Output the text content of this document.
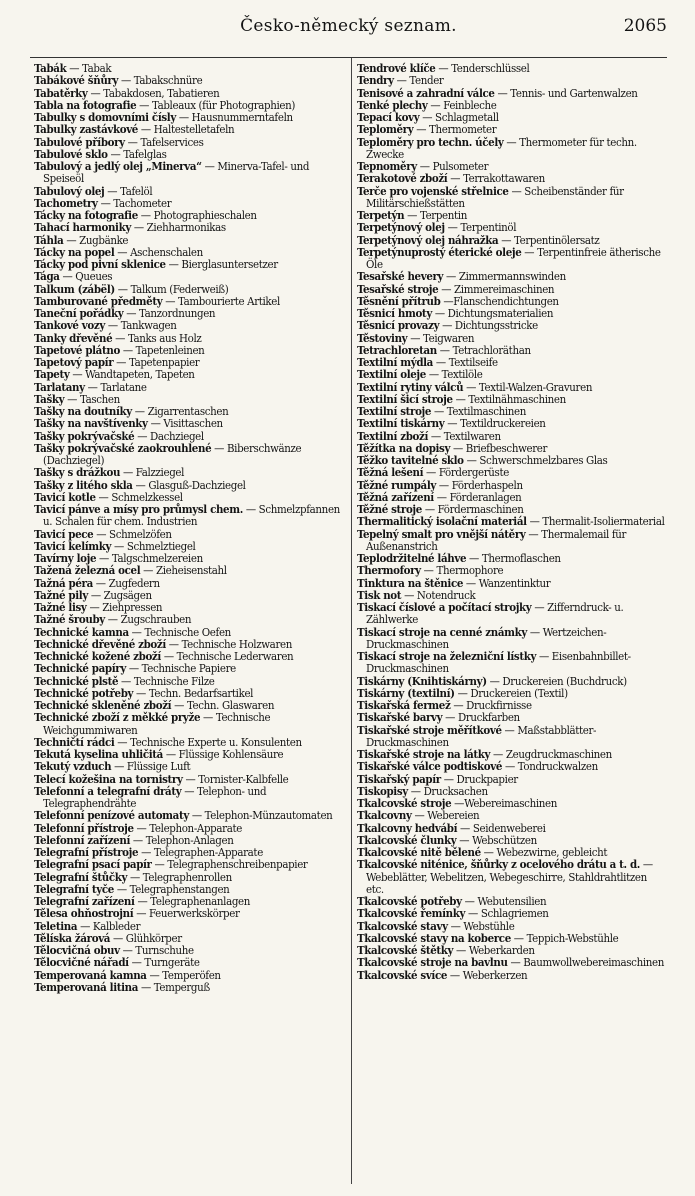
Česko-německý seznam.	2065
Tabák — Tabak
Tabákové šňůry — Tabakschnüre
Tabatěrky — Tabakdosen, Tabatieren
Tabla na fotografie — Tableaux (für Photographien)
Tabulky s domovními čísly — Hausnummerntafeln
Tabulky zastávkové — Haltestelletafeln
Tabulové příbory — Tafelservices
Tabulové sklo — Tafelglas
Tabulový a jedlý olej „Minerva“ — Minerva-Tafel- und Speiseöl
Tabulový olej — Tafelöl
Tachometry — Tachometer
Tácky na fotografie — Photographieschalen
Tahací harmoniky — Ziehharmonikas
Táhla — Zugbänke
Tácky na popel — Aschenschalen
Tácky pod pivní sklenice — Bierglasuntersetzer
Tága — Queues
Talkum (zábël) — Talkum (Federweiß)
Tamburované předměty — Tambourierte Artikel
Taneční pořádky — Tanzordnungen
Tankové vozy — Tankwagen
Tanky dřevěné — Tanks aus Holz
Tapetové plátno — Tapetenleinen
Tapetový papír — Tapetenpapier
Tapety — Wandtapeten, Tapeten
Tarlatany — Tarlatane
Tašky — Taschen
Tašky na doutníky — Zigarrentaschen
Tašky na navštívenky — Visittaschen
Tašky pokrývačské — Dachziegel
Tašky pokrývačské zaokrouhlené — Biberschwänze (Dachziegel)
Tašky s drážkou — Falzziegel
Tašky z litého skla — Glasguß-Dachziegel
Tavicí kotle — Schmelzkessel
Tavicí pánve a mísy pro průmysl chem. — Schmelzpfannen u. Schalen für chem. Industrien
Tavicí pece — Schmelzöfen
Tavicí kelímky — Schmelztiegel
Tavírny loje — Talgschmelzereien
Tažená železná ocel — Zieheisenstahl
Tažná péra — Zugfedern
Tažné pily — Zugsägen
Tažné lisy — Ziehpressen
Tažné šrouby — Zugschrauben
Technické kamna — Technische Oefen
Technické dřevěné zboží — Technische Holzwaren
Technické kožené zboží — Technische Lederwaren
Technické papíry — Technische Papiere
Technické plstě — Technische Filze
Technické potřeby — Techn. Bedarfsartikel
Technické skleněné zboží — Techn. Glaswaren
Technické zboží z měkké pryže — Technische Weichgummiwaren
Techničtí rádci — Technische Experte u. Konsulenten
Tekutá kyselina uhličitá — Flüssige Kohlensäure
Tekutý vzduch — Flüssige Luft
Telecí kožešina na tornistry — Tornister-Kalbfelle
Telefonní a telegrafní dráty — Telephon- und Telegraphendrähte
Telefonní penízové automaty — Telephon-Münzautomaten
Telefonní přístroje — Telephon-Apparate
Telefonní zařízení — Telephon-Anlagen
Telegrafní přístroje — Telegraphen-Apparate
Telegrafní psací papír — Telegraphenschreibenpapier
Telegrafní štůčky — Telegraphenrollen
Telegrafní tyče — Telegraphenstangen
Telegrafní zařízení — Telegraphenanlagen
Tělesa ohňostrojní — Feuerwerkskörper
Teletina — Kalbleder
Tělíska žárová — Glühkörper
Tělocvičná obuv — Turnschuhe
Tělocvičné nářadí — Turngeräte
Temperovaná kamna — Temperöfen
Temperovaná litina — Temperguß
Tendrové klíče — Tenderschlüssel
Tendry — Tender
Tenisové a zahradní válce — Tennis- und Gartenwalzen
Tenké plechy — Feinbleche
Tepací kovy — Schlagmetall
Teploměry — Thermometer
Teploměry pro techn. účely — Thermometer für techn. Zwecke
Tepnoměry — Pulsometer
Terakotové zboží — Terrakottawaren
Terče pro vojenské střelnice — Scheibenständer für Militärschießstätten
Terpetýn — Terpentin
Terpetýnový olej — Terpentinöl
Terpetýnový olej náhražka — Terpentinölersatz
Terpetýnuprostý éterické oleje — Terpentinfreie ätherische Öle
Tesařské hevery — Zimmermannswinden
Tesařské stroje — Zimmereimaschinen
Těsnění přítrub —Flanschendichtungen
Těsnicí hmoty — Dichtungsmaterialien
Těsnicí provazy — Dichtungsstricke
Těstoviny — Teigwaren
Tetrachloretan — Tetrachloräthan
Textilní mýdla — Textilseife
Textilní oleje — Textilöle
Textilní rytiny válců — Textil-Walzen-Gravuren
Textilní šicí stroje — Textilnähmaschinen
Textilní stroje — Textilmaschinen
Textilní tiskárny — Textildruckereien
Textilní zboží — Textilwaren
Těžítka na dopisy — Briefbeschwerer
Těžko tavitelné sklo — Schwerschmelzbares Glas
Těžná lešení — Fördergerüste
Těžné rumpály — Förderhaspeln
Těžná zařízení — Förderanlagen
Těžné stroje — Fördermaschinen
Thermalitický isolační materiál — Thermalit-Isoliermaterial
Tepelný smalt pro vnější nátěry — Thermalemail für Außenanstrich
Teplodržitelné láhve — Thermoflaschen
Thermofory — Thermophore
Tinktura na štěnice — Wanzentinktur
Tisk not — Notendruck
Tiskací číslové a počítací strojky — Zifferndruck- u. Zählwerke
Tiskací stroje na cenné známky — Wertzeichen-Druckmaschinen
Tiskací stroje na železniční lístky — Eisenbahnbillet-Druckmaschinen
Tiskárny (Knihtiskárny) — Druckereien (Buchdruck)
Tiskárny (textilní) — Druckereien (Textil)
Tiskařská fermež — Druckfirnisse
Tiskařské barvy — Druckfarben
Tiskařské stroje měřítkové — Maßstabblätter-Druckmaschinen
Tiskařské stroje na látky — Zeugdruckmaschinen
Tiskařské válce podtiskové — Tondruckwalzen
Tiskařský papír — Druckpapier
Tiskopisy — Drucksachen
Tkalcovské stroje —Webereimaschinen
Tkalcovny — Webereien
Tkalcovny hedvábí — Seidenweberei
Tkalcovské člunky — Webschützen
Tkalcovské nitě bělené — Webezwirne, gebleicht
Tkalcovské niténice, šňůrky z ocelového drátu a t. d. — Webeblätter, Webelitzen, Webegeschirre, Stahldrahtlitzen etc.
Tkalcovské potřeby — Webutensilien
Tkalcovské řemínky — Schlagriemen
Tkalcovské stavy — Webstühle
Tkalcovské stavy na koberce — Teppich-Webstühle
Tkalcovské štětky — Weberkarden
Tkalcovské stroje na bavlnu — Baumwollwebereimaschinen
Tkalcovské svíce — Weberkerzen
